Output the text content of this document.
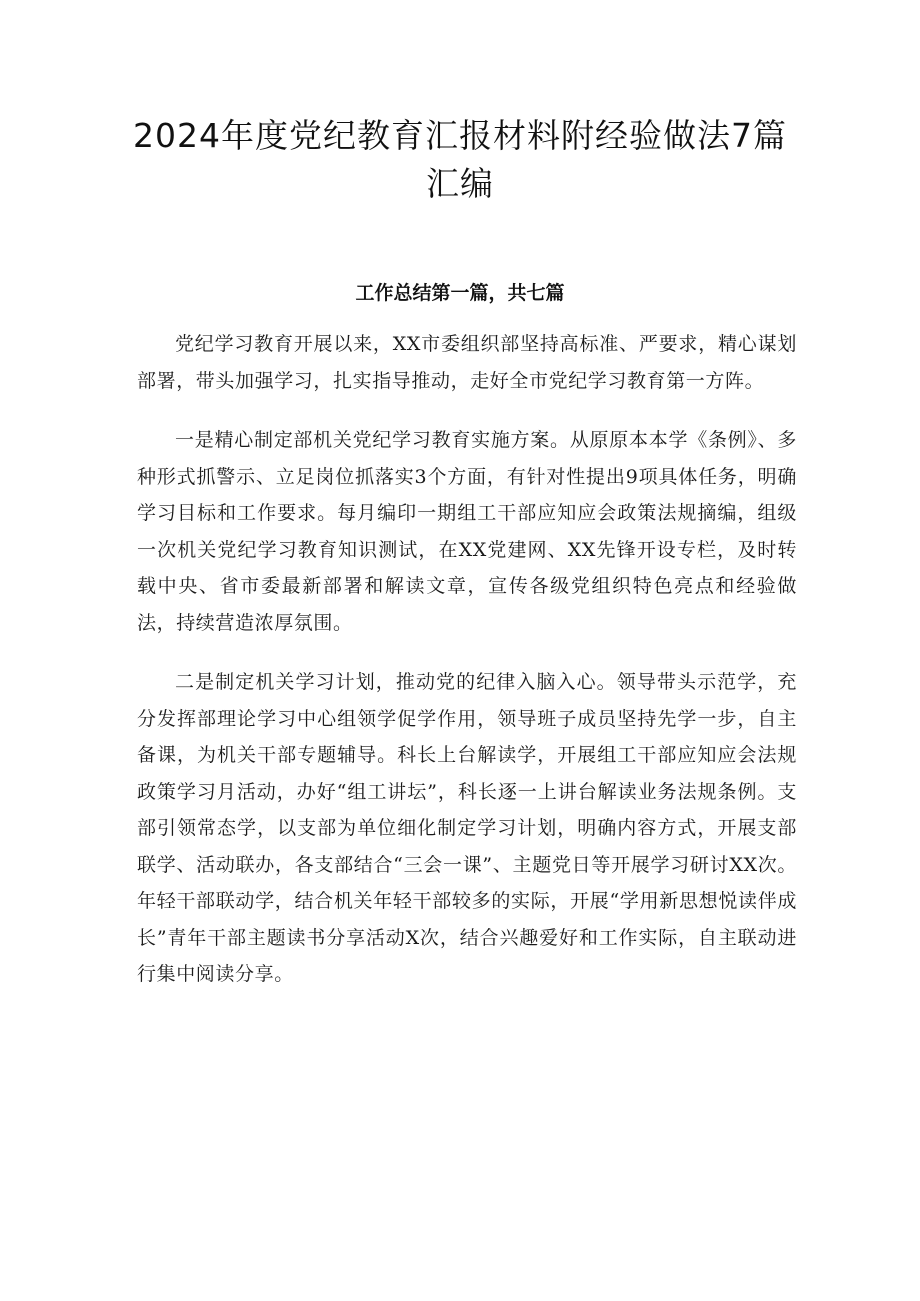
2024年度党纪教育汇报材料附经验做法7篇汇编
工作总结第一篇，共七篇

党纪学习教育开展以来，XX市委组织部坚持高标准、严要求，精心谋划部署，带头加强学习，扎实指导推动，走好全市党纪学习教育第一方阵。

一是精心制定部机关党纪学习教育实施方案。从原原本本学《条例》、多种形式抓警示、立足岗位抓落实3个方面，有针对性提出9项具体任务，明确学习目标和工作要求。每月编印一期组工干部应知应会政策法规摘编，组级一次机关党纪学习教育知识测试，在XX党建网、XX先锋开设专栏，及时转载中央、省市委最新部署和解读文章，宣传各级党组织特色亮点和经验做法，持续营造浓厚氛围。

二是制定机关学习计划，推动党的纪律入脑入心。领导带头示范学，充分发挥部理论学习中心组领学促学作用，领导班子成员坚持先学一步，自主备课，为机关干部专题辅导。科长上台解读学，开展组工干部应知应会法规政策学习月活动，办好“组工讲坛”，科长逐一上讲台解读业务法规条例。支部引领常态学，以支部为单位细化制定学习计划，明确内容方式，开展支部联学、活动联办，各支部结合“三会一课”、主题党日等开展学习研讨XX次。年轻干部联动学，结合机关年轻干部较多的实际，开展“学用新思想悦读伴成长”青年干部主题读书分享活动X次，结合兴趣爱好和工作实际，自主联动进行集中阅读分享。
